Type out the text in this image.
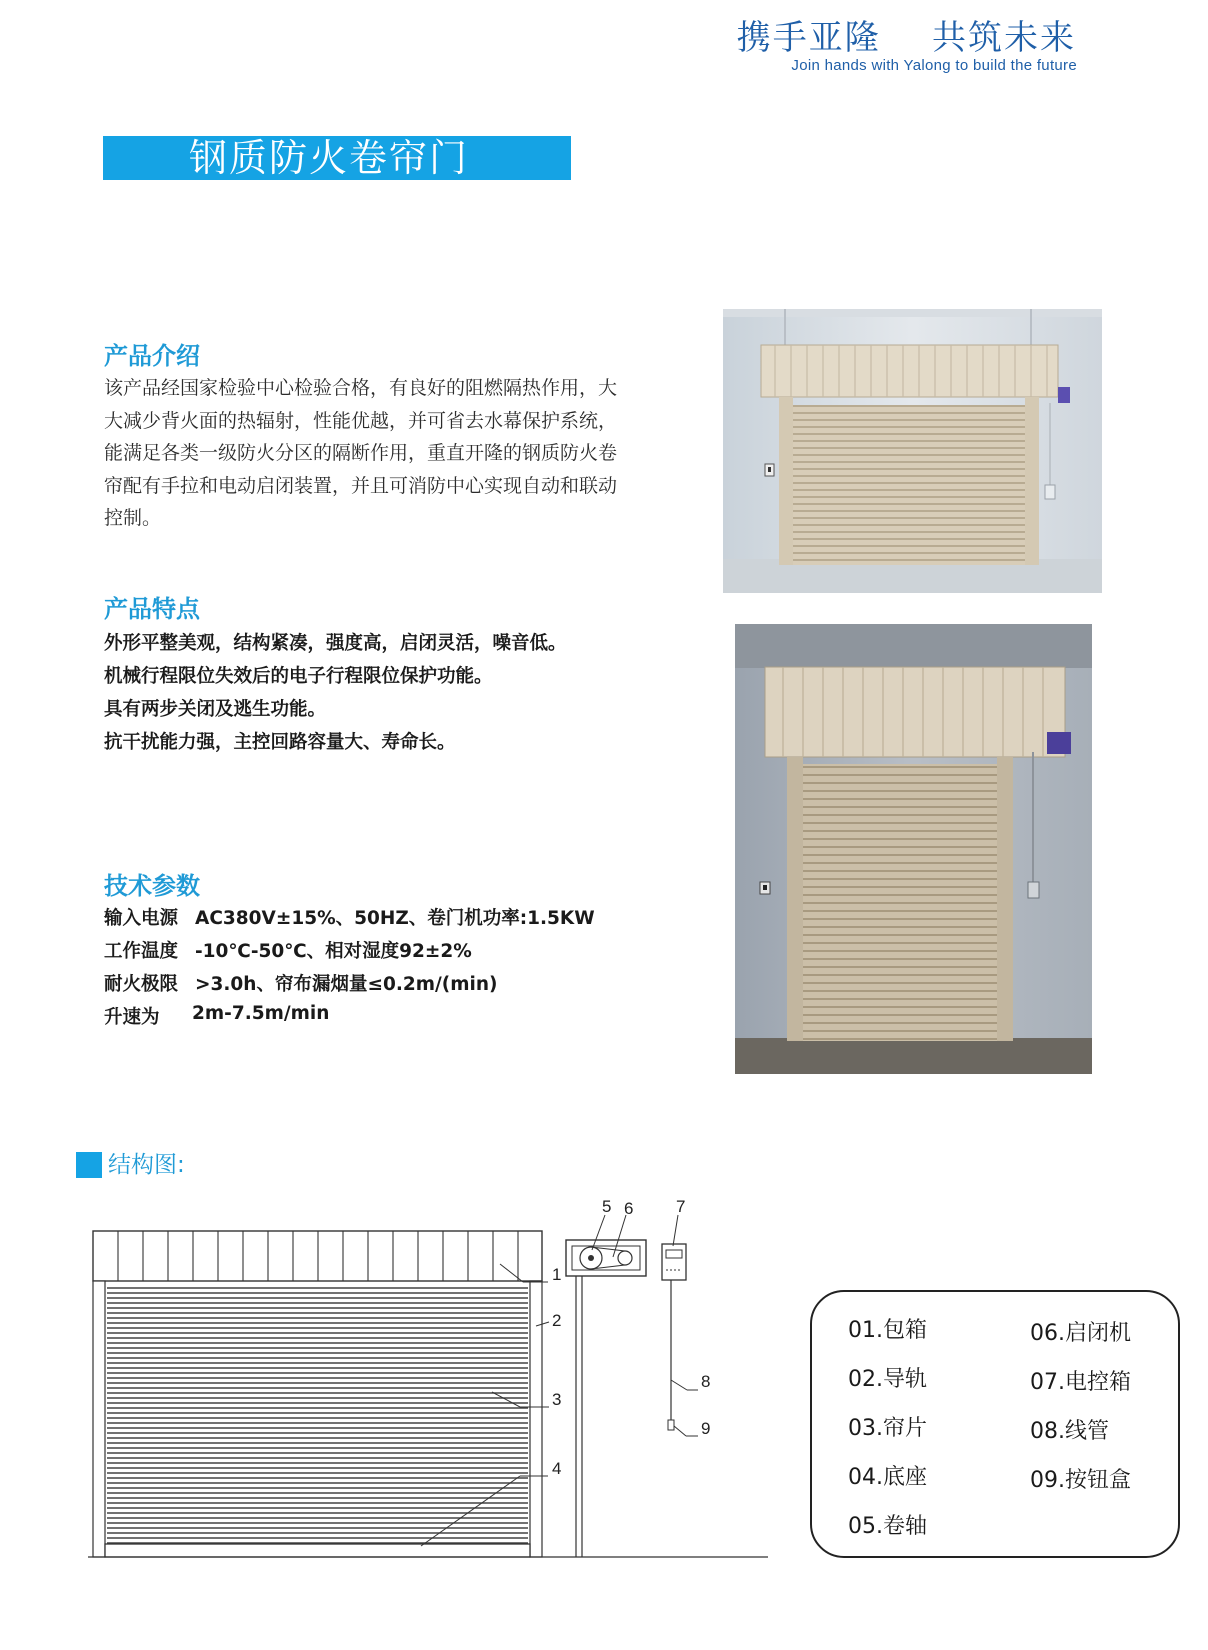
携手亚隆    共筑未来
Join hands with Yalong to build the future
钢质防火卷帘门
产品介绍
该产品经国家检验中心检验合格，有良好的阻燃隔热作用，大
大减少背火面的热辐射，性能优越，并可省去水幕保护系统，
能满足各类一级防火分区的隔断作用，重直开隆的钢质防火卷
帘配有手拉和电动启闭装置，并且可消防中心实现自动和联动
控制。
产品特点
外形平整美观，结构紧凑，强度高，启闭灵活，噪音低。
机械行程限位失效后的电子行程限位保护功能。
具有两步关闭及逃生功能。
抗干扰能力强，主控回路容量大、寿命长。
技术参数
输入电源 AC380V±15%、50HZ、卷门机功率:1.5KW
工作温度 -10℃-50℃、相对湿度92±2%
耐火极限 >3.0h、帘布漏烟量≤0.2m/(min)
升速为 2m-7.5m/min
结构图:
1
2
3
4
5 6	7
8
9
01.包箱
02.导轨
03.帘片
04.底座
05.卷轴
06.启闭机
07.电控箱
08.线管
09.按钮盒
